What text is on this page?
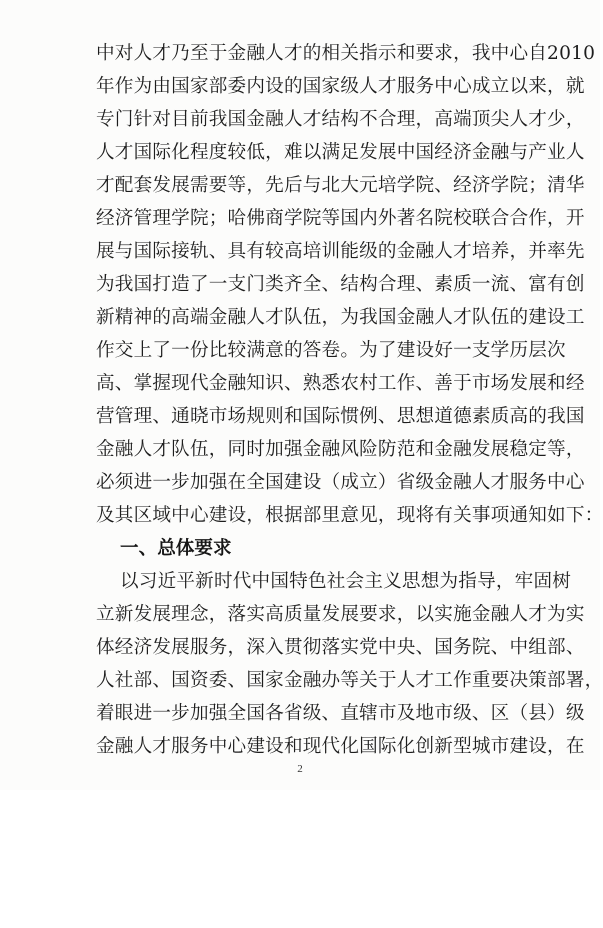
中对人才乃至于金融人才的相关指示和要求，我中心自2010
年作为由国家部委内设的国家级人才服务中心成立以来，就
专门针对目前我国金融人才结构不合理，高端顶尖人才少，
人才国际化程度较低，难以满足发展中国经济金融与产业人
才配套发展需要等，先后与北大元培学院、经济学院；清华
经济管理学院；哈佛商学院等国内外著名院校联合合作，开
展与国际接轨、具有较高培训能级的金融人才培养，并率先
为我国打造了一支门类齐全、结构合理、素质一流、富有创
新精神的高端金融人才队伍，为我国金融人才队伍的建设工
作交上了一份比较满意的答卷。为了建设好一支学历层次
高、掌握现代金融知识、熟悉农村工作、善于市场发展和经
营管理、通晓市场规则和国际惯例、思想道德素质高的我国
金融人才队伍，同时加强金融风险防范和金融发展稳定等，
必须进一步加强在全国建设（成立）省级金融人才服务中心
及其区域中心建设，根据部里意见，现将有关事项通知如下：
一、总体要求
以习近平新时代中国特色社会主义思想为指导，牢固树
立新发展理念，落实高质量发展要求，以实施金融人才为实
体经济发展服务，深入贯彻落实党中央、国务院、中组部、
人社部、国资委、国家金融办等关于人才工作重要决策部署，
着眼进一步加强全国各省级、直辖市及地市级、区（县）级
金融人才服务中心建设和现代化国际化创新型城市建设，在
2
